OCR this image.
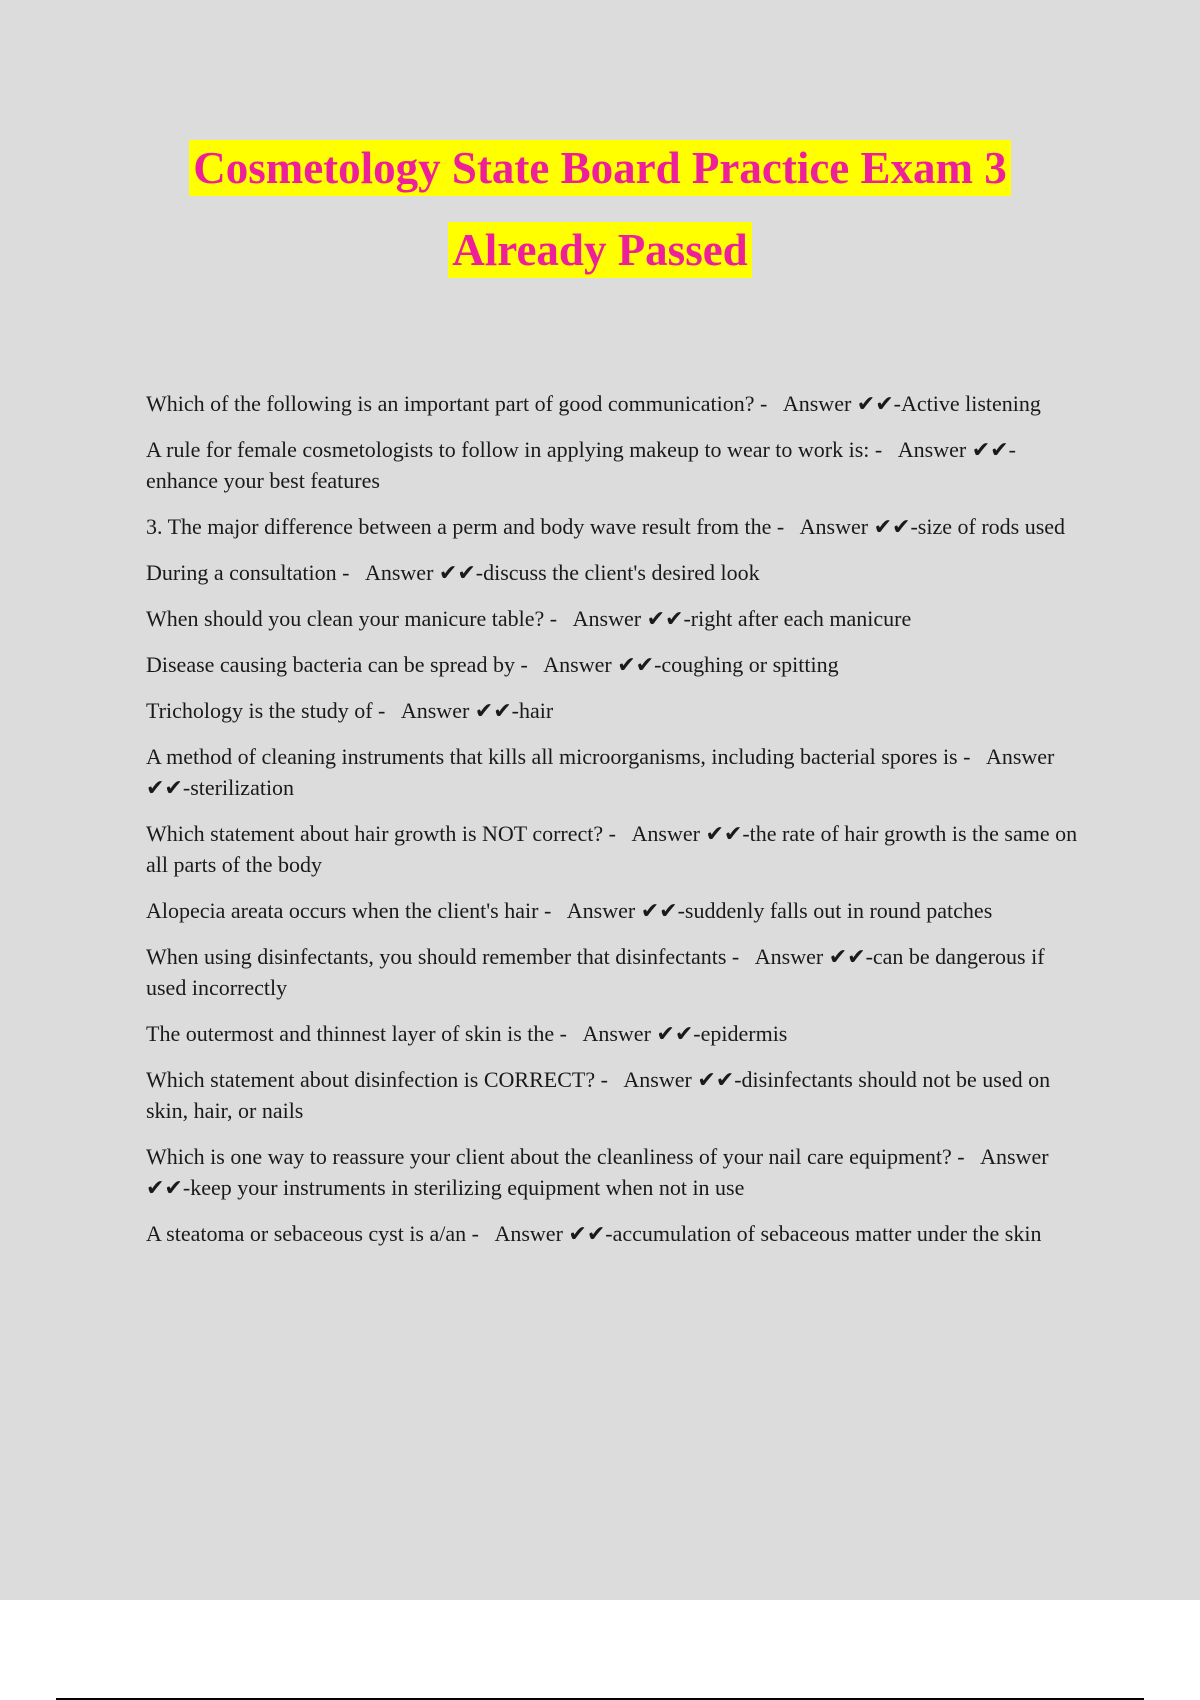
Cosmetology State Board Practice Exam 3
Already Passed

Which of the following is an important part of good communication? - Answer ✔✔-Active listening

A rule for female cosmetologists to follow in applying makeup to wear to work is: - Answer ✔✔-enhance your best features

3. The major difference between a perm and body wave result from the - Answer ✔✔-size of rods used

During a consultation - Answer ✔✔-discuss the client's desired look

When should you clean your manicure table? - Answer ✔✔-right after each manicure

Disease causing bacteria can be spread by - Answer ✔✔-coughing or spitting

Trichology is the study of - Answer ✔✔-hair

A method of cleaning instruments that kills all microorganisms, including bacterial spores is - Answer ✔✔-sterilization

Which statement about hair growth is NOT correct? - Answer ✔✔-the rate of hair growth is the same on all parts of the body

Alopecia areata occurs when the client's hair - Answer ✔✔-suddenly falls out in round patches

When using disinfectants, you should remember that disinfectants - Answer ✔✔-can be dangerous if used incorrectly

The outermost and thinnest layer of skin is the - Answer ✔✔-epidermis

Which statement about disinfection is CORRECT? - Answer ✔✔-disinfectants should not be used on skin, hair, or nails

Which is one way to reassure your client about the cleanliness of your nail care equipment? - Answer ✔✔-keep your instruments in sterilizing equipment when not in use

A steatoma or sebaceous cyst is a/an - Answer ✔✔-accumulation of sebaceous matter under the skin
